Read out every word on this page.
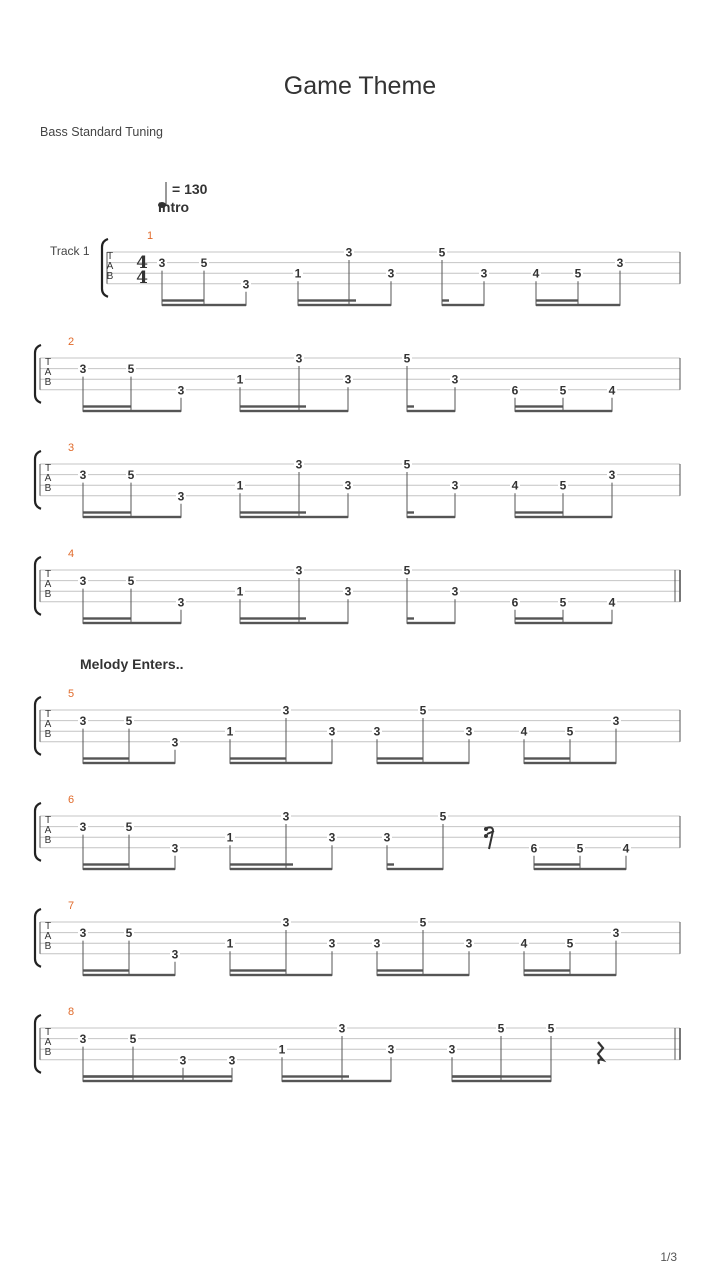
Game Theme
Bass Standard Tuning
Melody Enters..
1/3
T
A
B
1
3	5
3
1
3
3
5
3	4	5
3
T
A
B
2
3	5
3
1
3
3
5
3
6	5	4
T
A
B
3
3	5
3
1
3
3
5
3	4	5
3
T
A
B
4
3	5
3
1
3
3
5
3
6	5	4
T
A
B
5
3	5
3
1
3
3	3
5
3	4	5
3
T
A
B
6
3	5
3
1
3
3	3
5
6	5	4
T
A
B
7
3	5
3
1
3
3	3
5
3	4	5
3
T
A
B
8
3	5
3	3
1
3
3	3
5	5
4
4
Track 1
= 130
Intro
